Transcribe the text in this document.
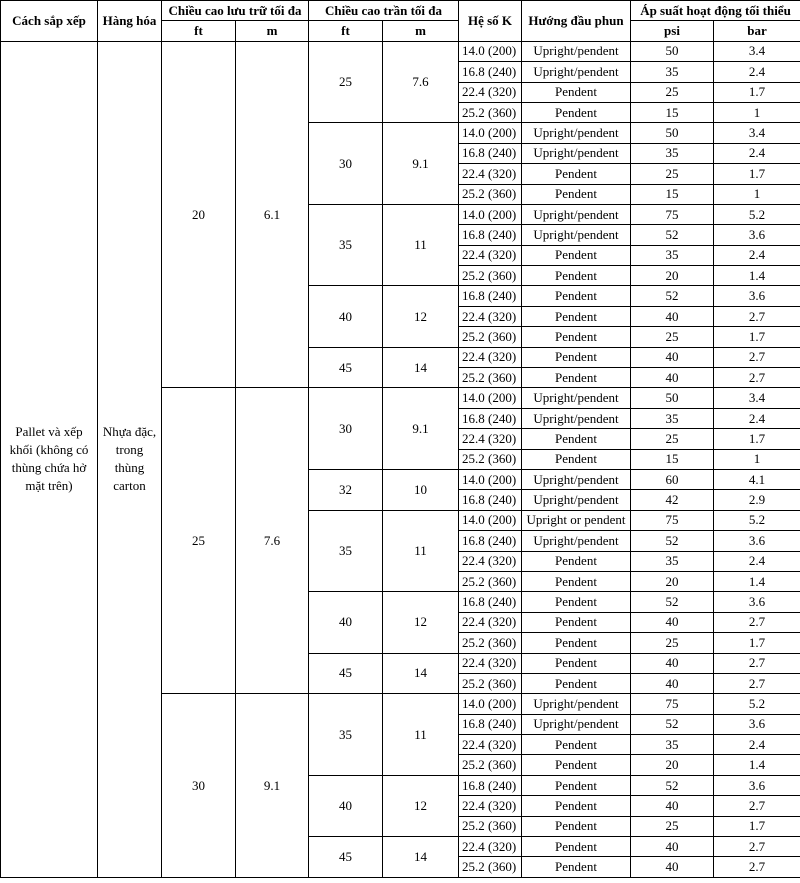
Cách sắp xếp	Hàng hóa	Chiều cao lưu trữ tối đa		Chiều cao trần tối đa		Hệ số K	Hướng đầu phun	Áp suất hoạt động tối thiểu	
		ft	m	ft	m			psi	bar
Pallet và xếp khối (không có thùng chứa hở mặt trên)	Nhựa đặc, trong thùng carton	20	6.1	25	7.6	14.0 (200)	Upright/pendent	50	3.4
						16.8 (240)	Upright/pendent	35	2.4
						22.4 (320)	Pendent	25	1.7
						25.2 (360)	Pendent	15	1
				30	9.1	14.0 (200)	Upright/pendent	50	3.4
						16.8 (240)	Upright/pendent	35	2.4
						22.4 (320)	Pendent	25	1.7
						25.2 (360)	Pendent	15	1
				35	11	14.0 (200)	Upright/pendent	75	5.2
						16.8 (240)	Upright/pendent	52	3.6
						22.4 (320)	Pendent	35	2.4
						25.2 (360)	Pendent	20	1.4
				40	12	16.8 (240)	Pendent	52	3.6
						22.4 (320)	Pendent	40	2.7
						25.2 (360)	Pendent	25	1.7
				45	14	22.4 (320)	Pendent	40	2.7
						25.2 (360)	Pendent	40	2.7
		25	7.6	30	9.1	14.0 (200)	Upright/pendent	50	3.4
						16.8 (240)	Upright/pendent	35	2.4
						22.4 (320)	Pendent	25	1.7
						25.2 (360)	Pendent	15	1
				32	10	14.0 (200)	Upright/pendent	60	4.1
						16.8 (240)	Upright/pendent	42	2.9
				35	11	14.0 (200)	Upright or pendent	75	5.2
						16.8 (240)	Upright/pendent	52	3.6
						22.4 (320)	Pendent	35	2.4
						25.2 (360)	Pendent	20	1.4
				40	12	16.8 (240)	Pendent	52	3.6
						22.4 (320)	Pendent	40	2.7
						25.2 (360)	Pendent	25	1.7
				45	14	22.4 (320)	Pendent	40	2.7
						25.2 (360)	Pendent	40	2.7
		30	9.1	35	11	14.0 (200)	Upright/pendent	75	5.2
						16.8 (240)	Upright/pendent	52	3.6
						22.4 (320)	Pendent	35	2.4
						25.2 (360)	Pendent	20	1.4
				40	12	16.8 (240)	Pendent	52	3.6
						22.4 (320)	Pendent	40	2.7
						25.2 (360)	Pendent	25	1.7
				45	14	22.4 (320)	Pendent	40	2.7
						25.2 (360)	Pendent	40	2.7
